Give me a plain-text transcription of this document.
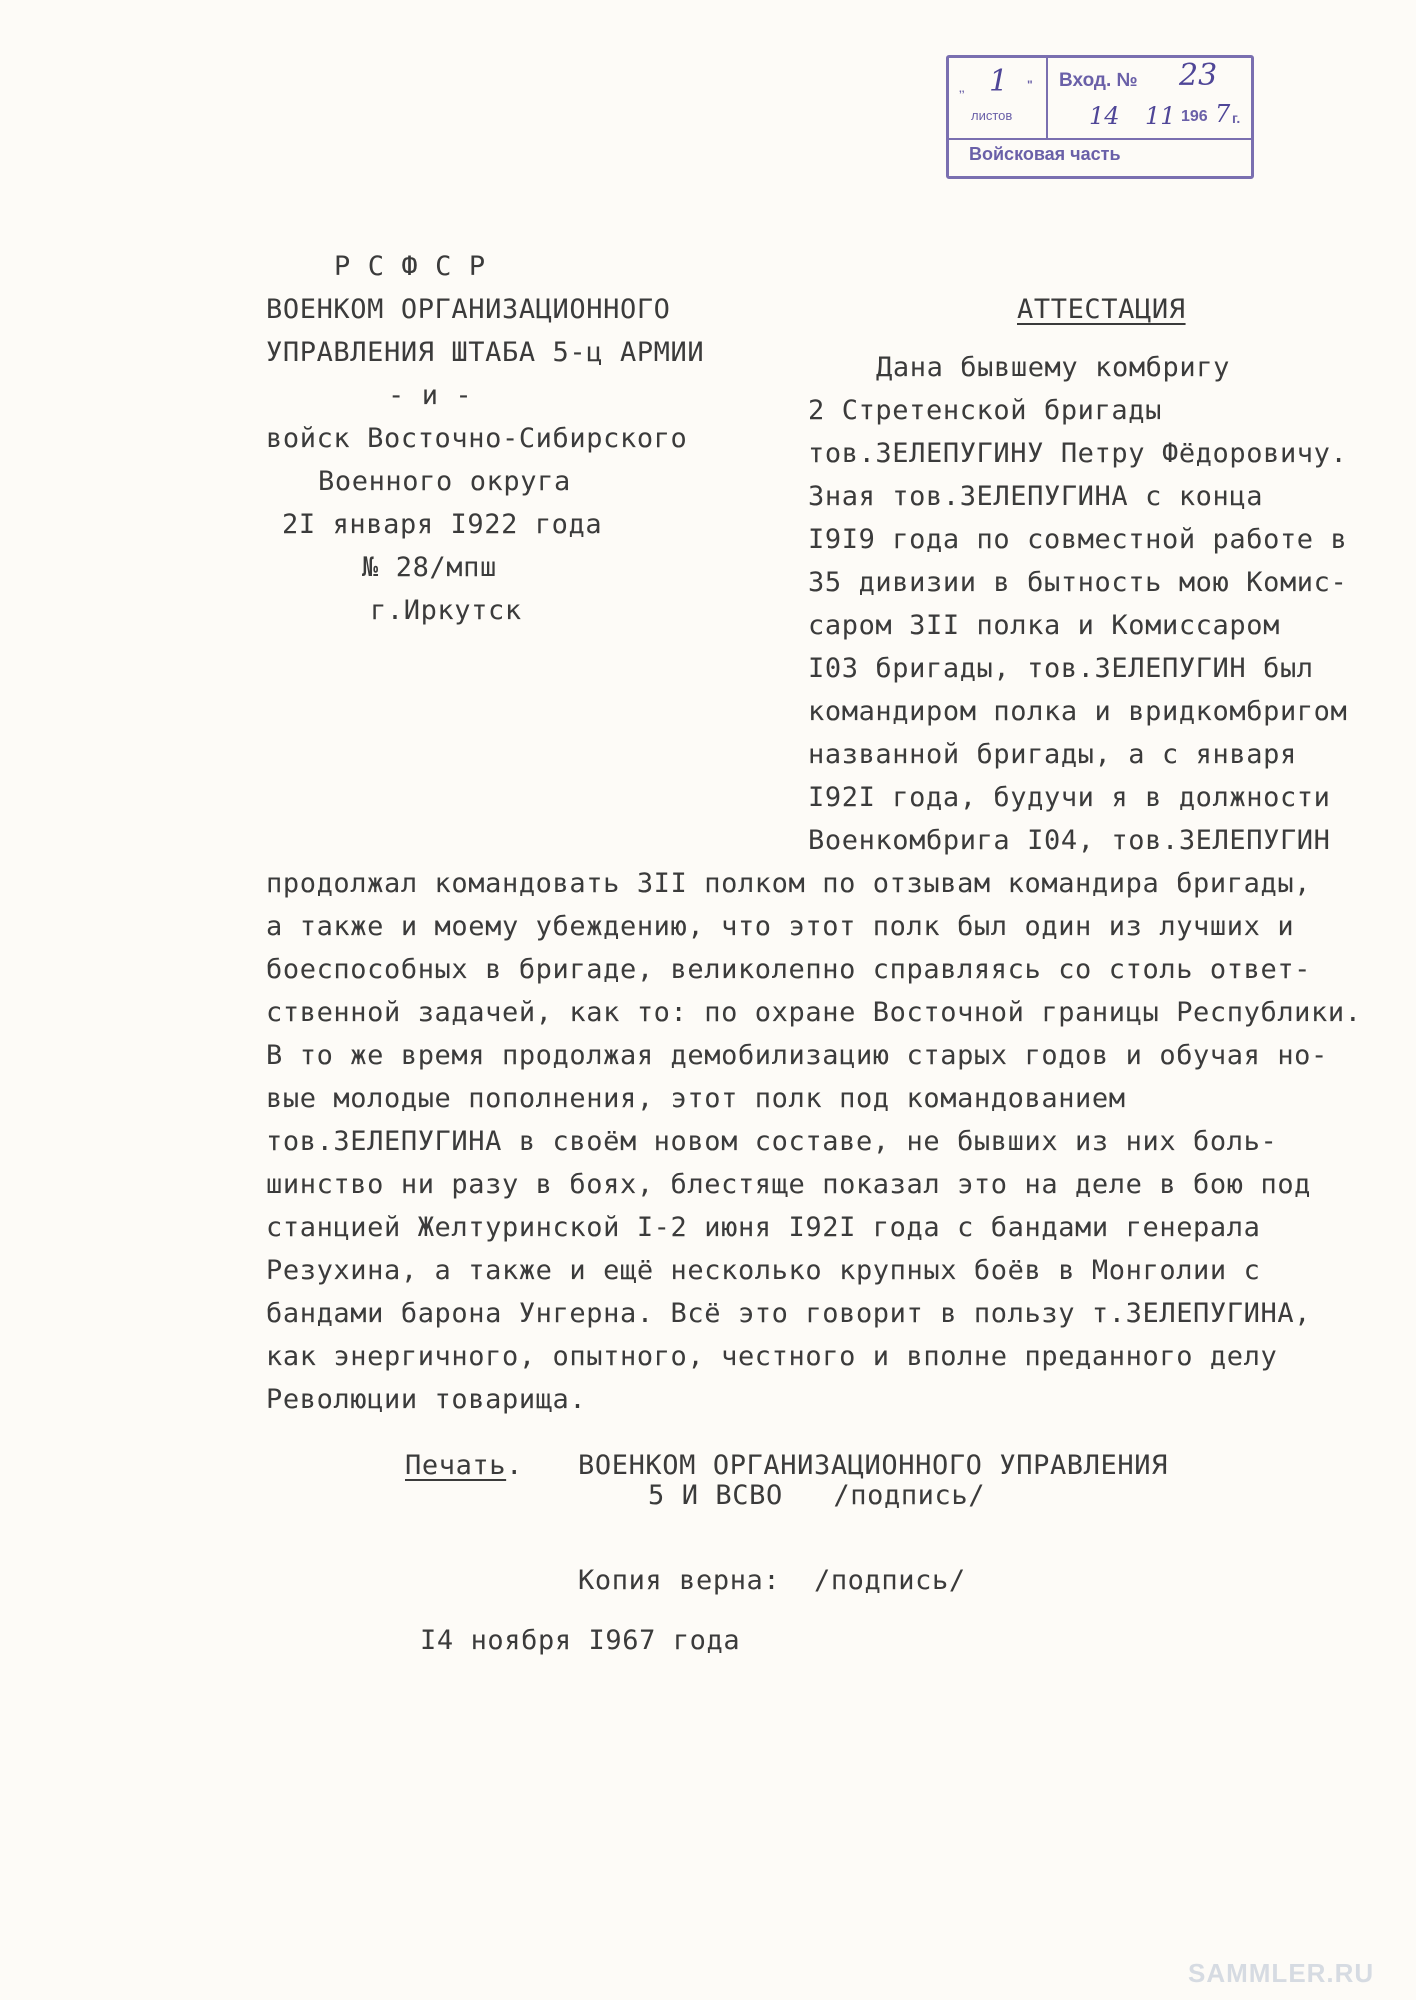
,, 1 "
листов
Вход. № 23
14 11 196 7 г.
Войсковая часть
Р С Ф С Р
ВОЕНКОМ ОРГАНИЗАЦИОННОГО
УПРАВЛЕНИЯ ШТАБА 5-ц АРМИИ
- и -
войск Восточно-Сибирского
Военного округа
2I января I922 года
№ 28/мпш
г.Иркутск
АТТЕСТАЦИЯ
Дана бывшему комбригу
2 Стретенской бригады
тов.ЗЕЛЕПУГИНУ Петру Фёдоровичу.
Зная тов.ЗЕЛЕПУГИНА с конца
I9I9 года по совместной работе в
35 дивизии в бытность мою Комис-
саром 3II полка и Комиссаром
I03 бригады, тов.ЗЕЛЕПУГИН был
командиром полка и вридкомбригом
названной бригады, а с января
I92I года, будучи я в должности
Военкомбрига I04, тов.ЗЕЛЕПУГИН
продолжал командовать 3II полком по отзывам командира бригады,
а также и моему убеждению, что этот полк был один из лучших и
боеспособных в бригаде, великолепно справляясь со столь ответ-
ственной задачей, как то: по охране Восточной границы Республики.
В то же время продолжая демобилизацию старых годов и обучая но-
вые молодые пополнения, этот полк под командованием
тов.ЗЕЛЕПУГИНА в своём новом составе, не бывших из них боль-
шинство ни разу в боях, блестяще показал это на деле в бою под
станцией Желтуринской I-2 июня I92I года с бандами генерала
Резухина, а также и ещё несколько крупных боёв в Монголии с
бандами барона Унгерна. Всё это говорит в пользу т.ЗЕЛЕПУГИНА,
как энергичного, опытного, честного и вполне преданного делу
Революции товарища.
Печать. ВОЕНКОМ ОРГАНИЗАЦИОННОГО УПРАВЛЕНИЯ
5 И ВСВО   /подпись/
Копия верна:  /подпись/
I4 ноября I967 года
SAMMLER.RU
